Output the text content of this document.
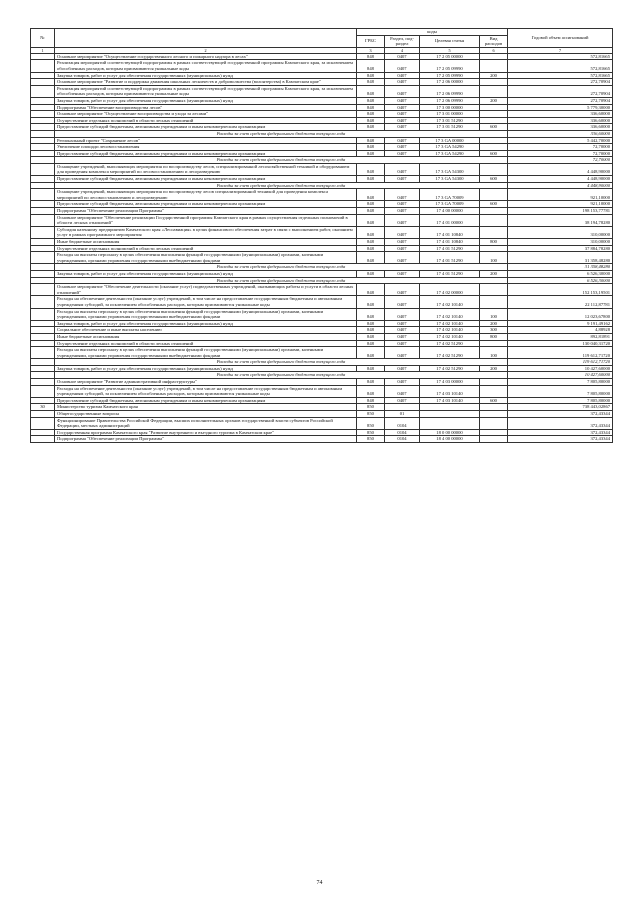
№		коды				Годовой объем ассигнований
		ГРБС	Раздел, под-раздел	Целевая статья	Вид расходов	
1	2	3	4	5	6	7
	Основное мероприятие "Осуществление государственного лесного и пожарного надзора в лесах"	848	0407	17 2 05 00000		572,81665
	Реализация мероприятий соответствующей подпрограммы в рамках соответствующей государственной программы Камчатского края, за исключением обособленных расходов, которым присваиваются уникальные коды	848	0407	17 2 05 09990		572,81665
	Закупка товаров, работ и услуг для обеспечения государственных (муниципальных) нужд	848	0407	17 2 05 09990	200	572,81665
	Основное мероприятие "Развитие и поддержка движения школьных лесничеств и добровольчества (волонтерства) в Камчатском крае"	848	0407	17 2 06 00000		272,70904
	Реализация мероприятий соответствующей подпрограммы в рамках соответствующей государственной программы Камчатского края, за исключением обособленных расходов, которым присваиваются уникальные коды	848	0407	17 2 06 09990		272,70904
	Закупка товаров, работ и услуг для обеспечения государственных (муниципальных) нужд	848	0407	17 2 06 09990	200	272,70904
	Подпрограмма "Обеспечение воспроизводства лесов"	848	0407	17 3 00 00000		5 779,30000
	Основное мероприятие "Осуществление воспроизводства и ухода за лесами"	848	0407	17 3 01 00000		336,60000
	Осуществление отдельных полномочий в области лесных отношений	848	0407	17 3 01 51290		336,60000
	Предоставление субсидий бюджетным, автономным учреждениям и иным некоммерческим организациям	848	0407	17 3 01 51290	600	336,60000
	Расходы за счет средств федерального бюджета текущего года					336,60000
	Региональный проект "Сохранение лесов"	848	0407	17 3 GA 00000		5 442,70000
	Увеличение площади лесовосстановления	848	0407	17 3 GA 54290		72,70000
	Предоставление субсидий бюджетным, автономным учреждениям и иным некоммерческим организациям	848	0407	17 3 GA 54290	600	72,70000
	Расходы за счет средств федерального бюджета текущего года					72,70000
	Оснащение учреждений, выполняющих мероприятия по воспроизводству лесов, специализированной лесохозяйственной техникой и оборудованием для проведения комплекса мероприятий по лесовосстановлению и лесоразведению	848	0407	17 3 GA 54300		4 448,90000
	Предоставление субсидий бюджетным, автономным учреждениям и иным некоммерческим организациям	848	0407	17 3 GA 54300	600	4 448,90000
	Расходы за счет средств федерального бюджета текущего года					4 448,90000
	Оснащение учреждений, выполняющих мероприятия по воспроизводству лесов специализированной техникой для проведения комплекса мероприятий по лесовосстановлению и лесоразведению	848	0407	17 3 GA 70009		921,10000
	Предоставление субсидий бюджетным, автономным учреждениям и иным некоммерческим организациям	848	0407	17 3 GA 70009	600	921,10000
	Подпрограмма "Обеспечение реализации Программы"	848	0407	17 4 00 00000		198 153,77781
	Основное мероприятие "Обеспечение реализации Государственной программы Камчатского края в рамках осуществления отдельных полномочий в области лесных отношений"	848	0407	17 4 01 00000		38 194,78280
	Субсидия казенному предприятию Камчатского края «Лесоавиация» в целях финансового обеспечения затрат в связи с выполнением работ, оказанием услуг в рамках программного мероприятия	848	0407	17 4 01 10840		310,00000
	Иные бюджетные ассигнования	848	0407	17 4 01 10840	800	310,00000
	Осуществление отдельных полномочий в области лесных отношений	848	0407	17 4 01 51290		37 884,78280
	Расходы на выплаты персоналу в целях обеспечения выполнения функций государственными (муниципальными) органами, казенными учреждениями, органами управления государственными внебюджетными фондами	848	0407	17 4 01 51290	100	31 358,48280
	Расходы за счет средств федерального бюджета текущего года					31 358,48280
	Закупка товаров, работ и услуг для обеспечения государственных (муниципальных) нужд	848	0407	17 4 01 51290	200	6 526,30000
	Расходы за счет средств федерального бюджета текущего года					6 526,30000
	Основное мероприятие "Обеспечение деятельности (оказание услуг) подведомственных учреждений, оказывающих работы и услуги в области лесных отношений"	848	0407	17 4 02 00000		152 153,19501
	Расходы на обеспечение деятельности (оказание услуг) учреждений, в том числе на предоставление государственным бюджетным и автономным учреждениям субсидий, за исключением обособленных расходов, которым присваиваются уникальные коды	848	0407	17 4 02 10140		22 112,87781
	Расходы на выплаты персоналу в целях обеспечения выполнения функций государственными (муниципальными) органами, казенными учреждениями, органами управления государственными внебюджетными фондами	848	0407	17 4 02 10140	100	12 023,67800
	Закупка товаров, работ и услуг для обеспечения государственных (муниципальных) нужд	848	0407	17 4 02 10140	200	9 191,49162
	Социальное обеспечение и иные выплаты населению	848	0407	17 4 02 10140	300	4,88928
	Иные бюджетные ассигнования	848	0407	17 4 02 10140	800	892,81891
	Осуществление отдельных полномочий в области лесных отношений	848	0407	17 4 02 51290		130 040,31720
	Расходы на выплаты персоналу в целях обеспечения выполнения функций государственными (муниципальными) органами, казенными учреждениями, органами управления государственными внебюджетными фондами	848	0407	17 4 02 51290	100	119 612,71720
	Расходы за счет средств федерального бюджета текущего года					119 612,71720
	Закупка товаров, работ и услуг для обеспечения государственных (муниципальных) нужд	848	0407	17 4 02 51290	200	10 427,60000
	Расходы за счет средств федерального бюджета текущего года					10 427,60000
	Основное мероприятие "Развитие административной инфраструктуры"	848	0407	17 4 03 00000		7 805,80000
	Расходы на обеспечение деятельности (оказание услуг) учреждений, в том числе на предоставление государственным бюджетным и автономным учреждениям субсидий, за исключением обособленных расходов, которым присваиваются уникальные коды	848	0407	17 4 03 10140		7 805,80000
	Предоставление субсидий бюджетным, автономным учреждениям и иным некоммерческим организациям	848	0407	17 4 03 10140	600	7 805,80000
30	Министерство туризма Камчатского края	850				738 443,02867
	Общегосударственные вопросы	850	01			372,43344
	Функционирование Правительства Российской Федерации, высших исполнительных органов государственной власти субъектов Российской Федерации, местных администраций	850	0104			372,43344
	Государственная программа Камчатского края "Развитие внутреннего и въездного туризма в Камчатском крае"	850	0104	18 0 00 00000		372,43344
	Подпрограмма "Обеспечение реализации Программы"	850	0104	18 4 00 00000		372,43344
74
